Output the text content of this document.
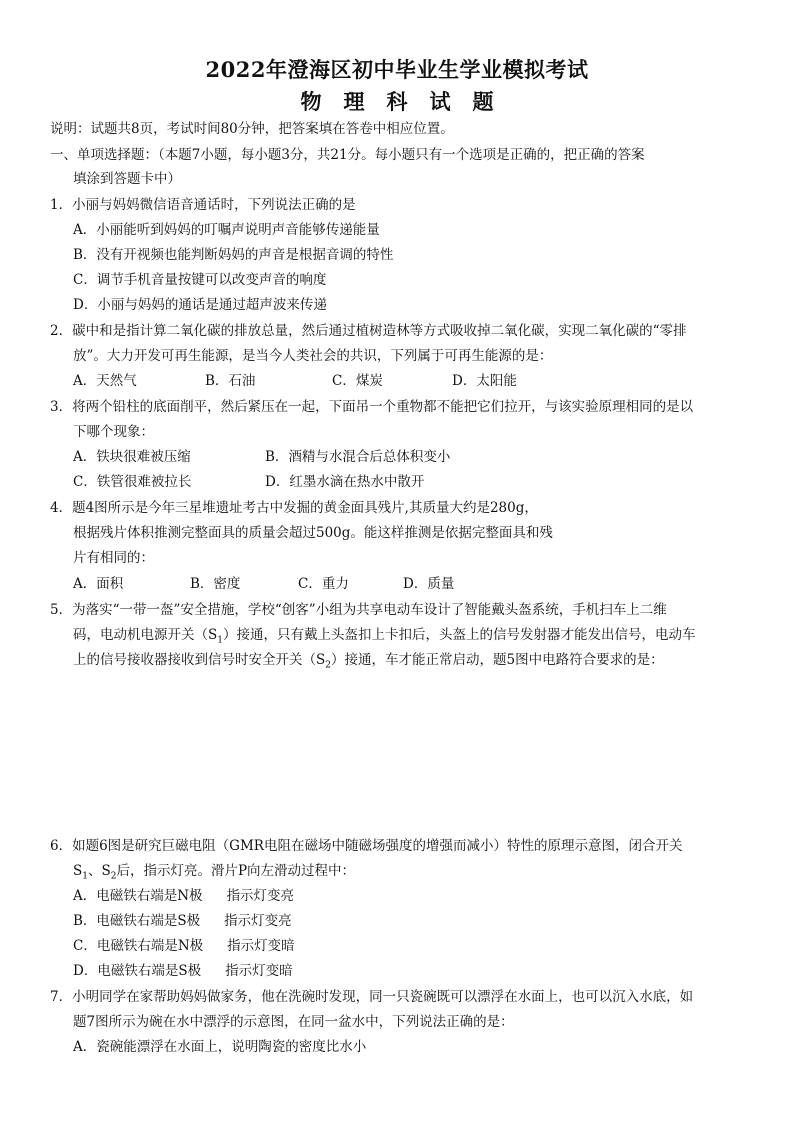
2022年澄海区初中毕业生学业模拟考试
物理科试题
说明：试题共8页，考试时间80分钟，把答案填在答卷中相应位置。
一、单项选择题：（本题7小题，每小题3分，共21分。每小题只有一个选项是正确的，把正确的答案
填涂到答题卡中）
1．小丽与妈妈微信语音通话时，下列说法正确的是
A．小丽能听到妈妈的叮嘱声说明声音能够传递能量
B．没有开视频也能判断妈妈的声音是根据音调的特性
C．调节手机音量按键可以改变声音的响度
D．小丽与妈妈的通话是通过超声波来传递
2．碳中和是指计算二氧化碳的排放总量，然后通过植树造林等方式吸收掉二氧化碳，实现二氧化碳的“零排
放”。大力开发可再生能源，是当今人类社会的共识，下列属于可再生能源的是：
A．天然气	B．石油	C．煤炭	D．太阳能
3．将两个铅柱的底面削平，然后紧压在一起，下面吊一个重物都不能把它们拉开，与该实验原理相同的是以
下哪个现象：
A．铁块很难被压缩	B．酒精与水混合后总体积变小
C．铁管很难被拉长	D．红墨水滴在热水中散开
4．题4图所示是今年三星堆遗址考古中发掘的黄金面具残片,其质量大约是280g，
根据残片体积推测完整面具的质量会超过500g。能这样推测是依据完整面具和残
片有相同的：
A．面积	B．密度	C．重力	D．质量
5．为落实“一带一盔”安全措施，学校“创客”小组为共享电动车设计了智能戴头盔系统，手机扫车上二维
码，电动机电源开关$(S_1)$接通，只有戴上头盔扣上卡扣后，头盔上的信号发射器才能发出信号，电动车
上的信号接收器接收到信号时安全开关$(S_2)$接通，车才能正常启动，题5图中电路符合要求的是：
6．如题6图是研究巨磁电阻（GMR电阻在磁场中随磁场强度的增强而减小）特性的原理示意图，闭合开关
$S_1$、$S_2$后，指示灯亮。滑片P向左滑动过程中：
A．电磁铁右端是N极 指示灯变亮
B．电磁铁右端是S极 指示灯变亮
C．电磁铁右端是N极 指示灯变暗
D．电磁铁右端是S极 指示灯变暗
7．小明同学在家帮助妈妈做家务，他在洗碗时发现，同一只瓷碗既可以漂浮在水面上，也可以沉入水底，如
题7图所示为碗在水中漂浮的示意图，在同一盆水中，下列说法正确的是：
A．瓷碗能漂浮在水面上，说明陶瓷的密度比水小
